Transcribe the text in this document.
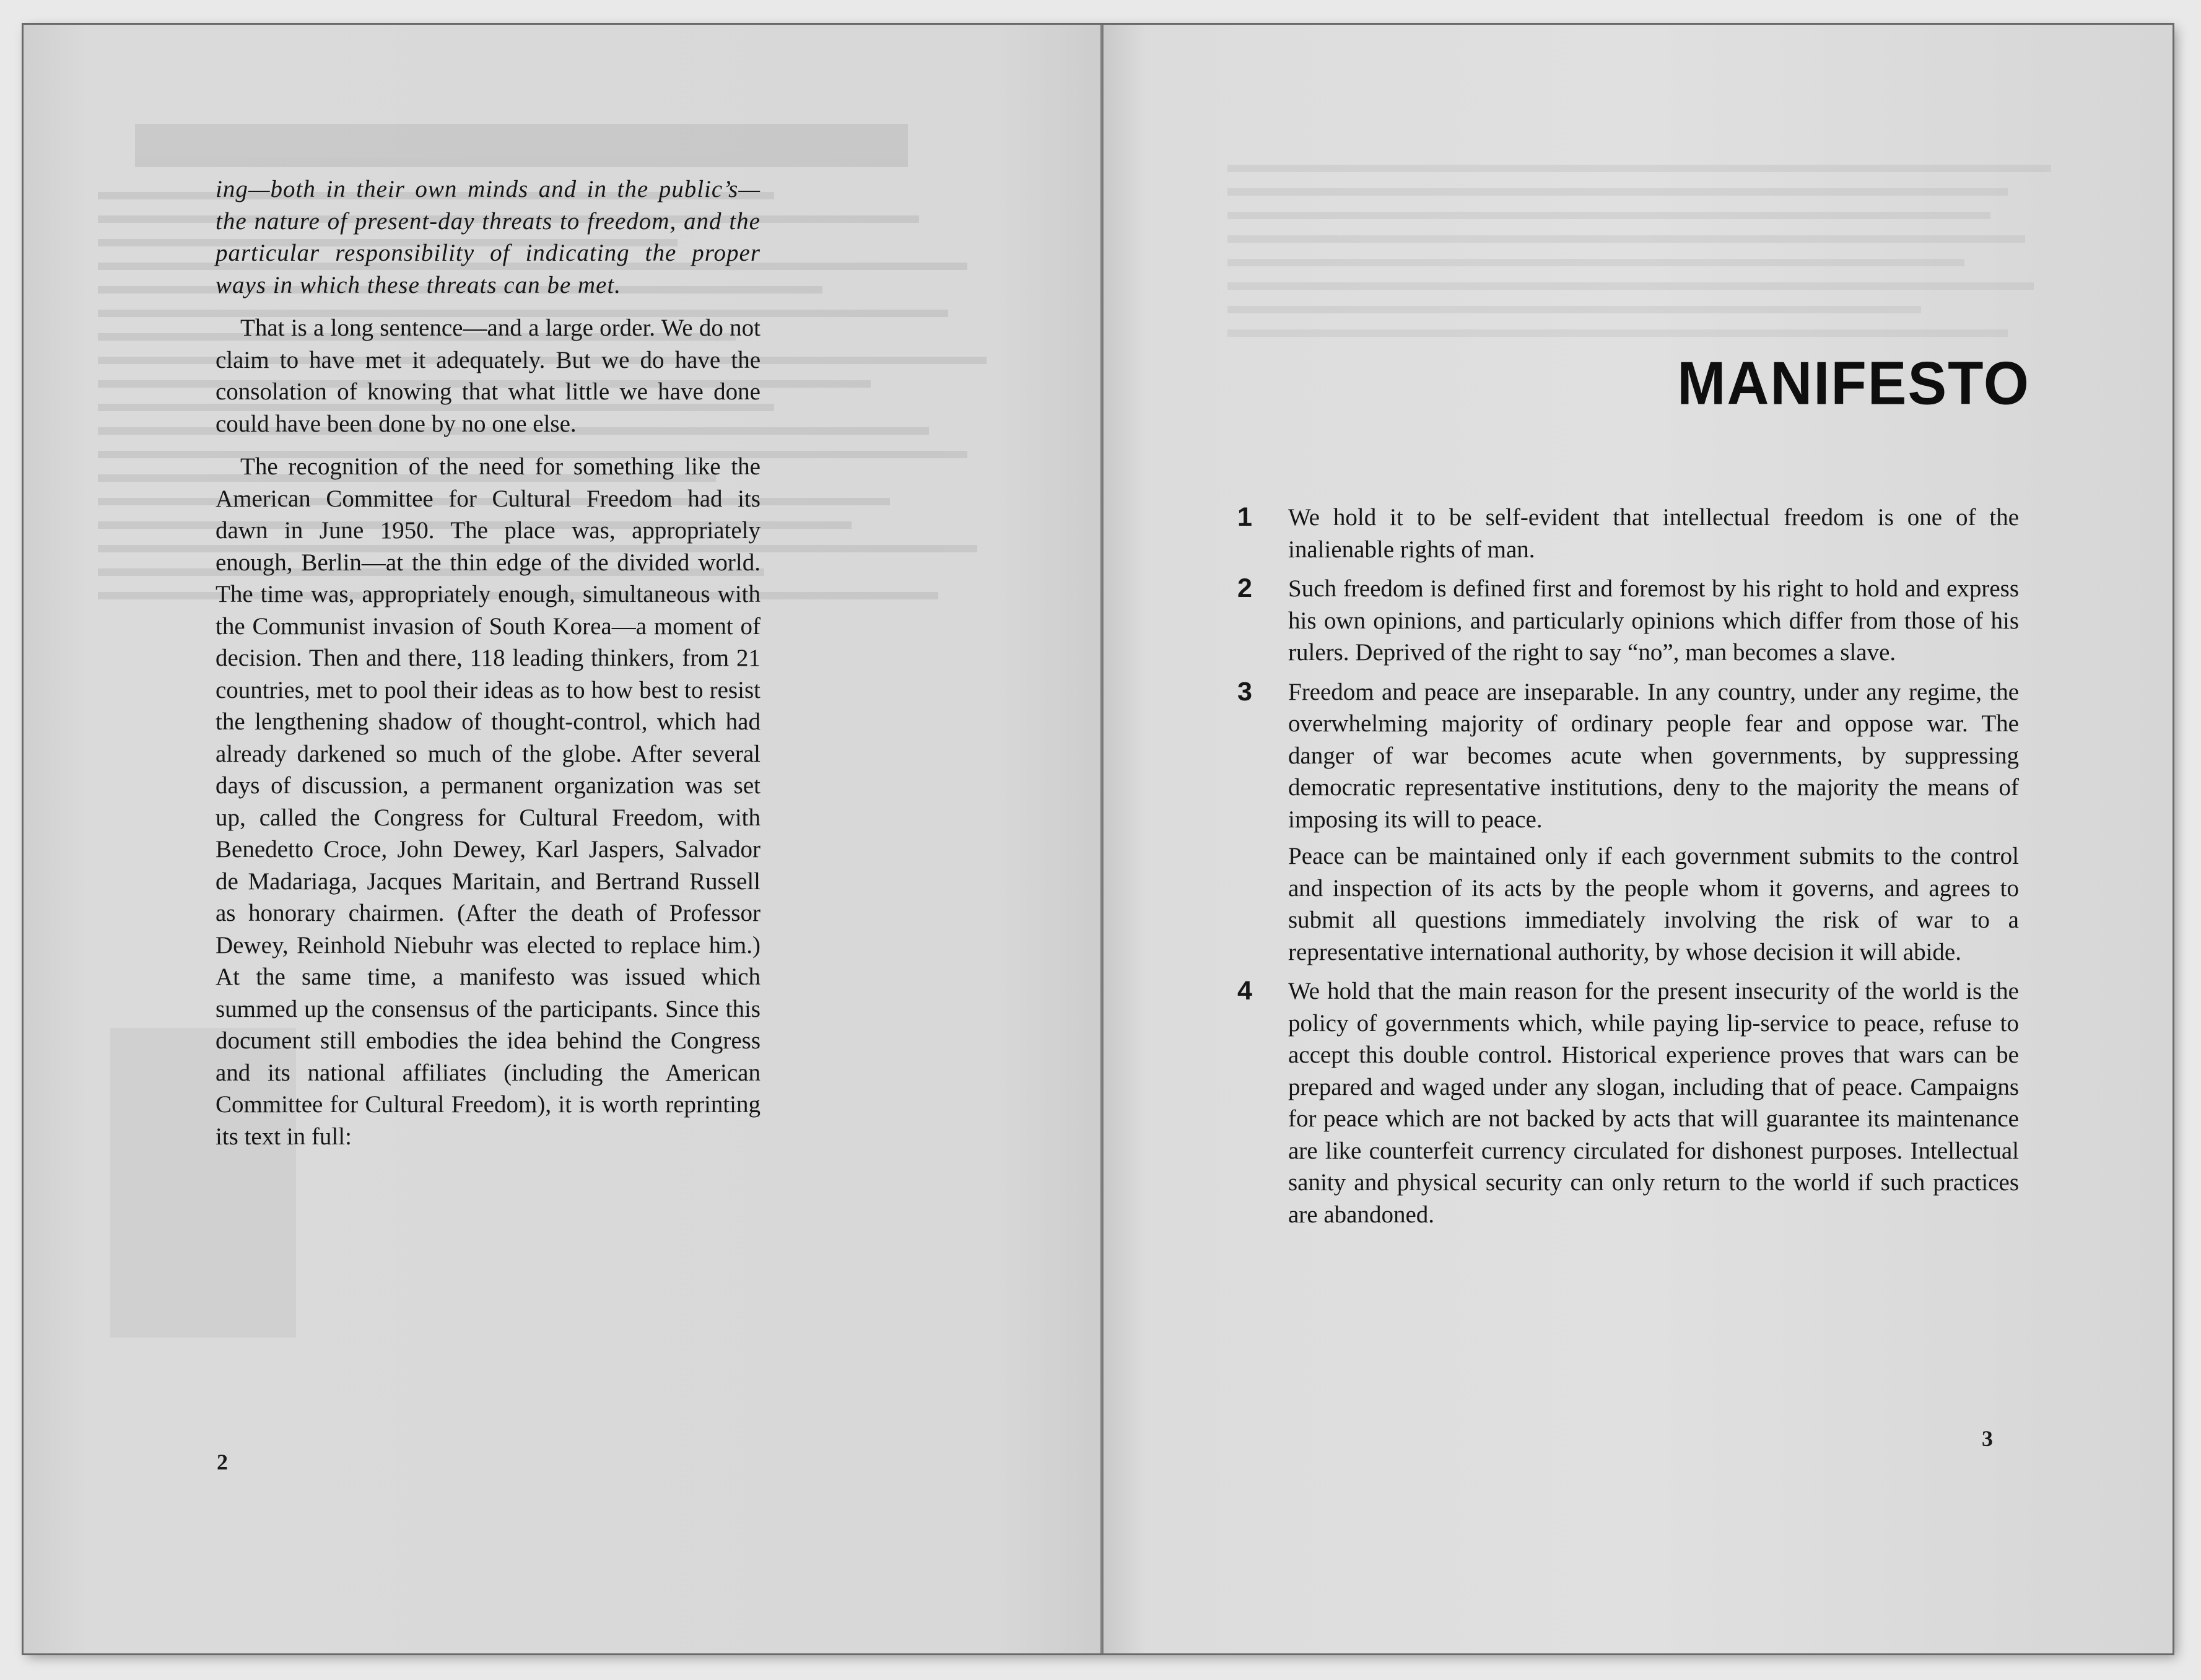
ing—both in their own minds and in the public’s—the nature of present-day threats to freedom, and the particular responsibility of indicating the proper ways in which these threats can be met.

That is a long sentence—and a large order. We do not claim to have met it adequately. But we do have the consolation of knowing that what little we have done could have been done by no one else.

The recognition of the need for something like the American Committee for Cultural Freedom had its dawn in June 1950. The place was, appropriately enough, Berlin—at the thin edge of the divided world. The time was, appropriately enough, simultaneous with the Communist invasion of South Korea—a moment of decision. Then and there, 118 leading thinkers, from 21 countries, met to pool their ideas as to how best to resist the lengthening shadow of thought-control, which had already darkened so much of the globe. After several days of discussion, a permanent organization was set up, called the Congress for Cultural Freedom, with Benedetto Croce, John Dewey, Karl Jaspers, Salvador de Madariaga, Jacques Maritain, and Bertrand Russell as honorary chairmen. (After the death of Professor Dewey, Reinhold Niebuhr was elected to replace him.) At the same time, a manifesto was issued which summed up the consensus of the participants. Since this document still embodies the idea behind the Congress and its national affiliates (including the American Committee for Cultural Freedom), it is worth reprinting its text in full:

MANIFESTO
1 We hold it to be self-evident that intellectual freedom is one of the inalienable rights of man.

2 Such freedom is defined first and foremost by his right to hold and express his own opinions, and particularly opinions which differ from those of his rulers. Deprived of the right to say “no”, man becomes a slave.

3 Freedom and peace are inseparable. In any country, under any regime, the overwhelming majority of ordinary people fear and oppose war. The danger of war becomes acute when governments, by suppressing democratic representative institutions, deny to the majority the means of imposing its will to peace.

Peace can be maintained only if each government submits to the control and inspection of its acts by the people whom it governs, and agrees to submit all questions immediately involving the risk of war to a representative international authority, by whose decision it will abide.

4 We hold that the main reason for the present insecurity of the world is the policy of governments which, while paying lip-service to peace, refuse to accept this double control. Historical experience proves that wars can be prepared and waged under any slogan, including that of peace. Campaigns for peace which are not backed by acts that will guarantee its maintenance are like counterfeit currency circulated for dishonest purposes. Intellectual sanity and physical security can only return to the world if such practices are abandoned.

2
3
